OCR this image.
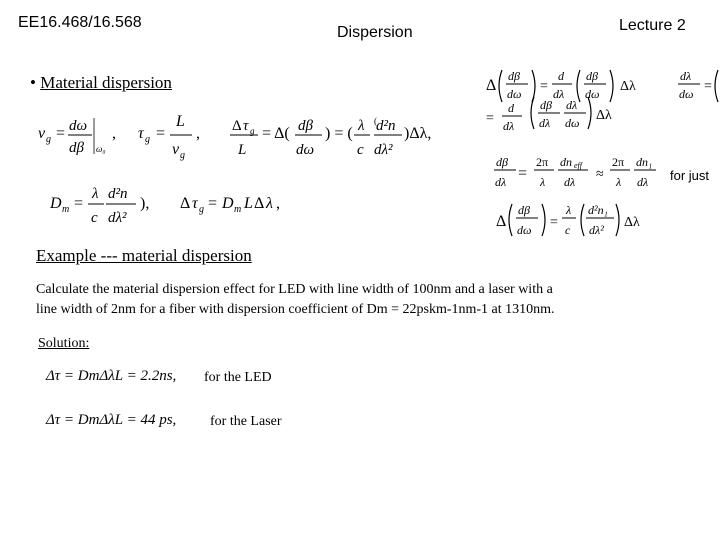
EE16.468/16.568
Dispersion	Lecture 2
• Material dispersion
v g = dω
dβ ω₀
, τ g =
L
v g
, Δ τ g
L
= Δ( dβ
dω
) = ( λ
c
( d²n
dλ²
)Δλ,
D m =
λ
c
d²n
dλ²
), Δ τ g = D m L Δ λ ,
Δ
dβ
dω =
d
dλ
dβ
dω Δλ
dλ
dω =
=
d
dλ
dβ
dλ
dλ
dω Δλ
dβ
dλ =
2π
λ
dn eff
dλ ≈
2π
λ
dn₁
dλ for just
Δ
dβ
dω =
λ
c
d²n₁
dλ² Δλ
Example --- material dispersion
Calculate the material dispersion effect for LED with line width of 100nm and a laser with a
line width of 2nm for a fiber with dispersion coefficient of Dm = 22pskm-1nm-1 at 1310nm.
Solution:
Δτ = DmΔλL = 2.2ns, for the LED
Δτ = DmΔλL = 44 ps, for the Laser
